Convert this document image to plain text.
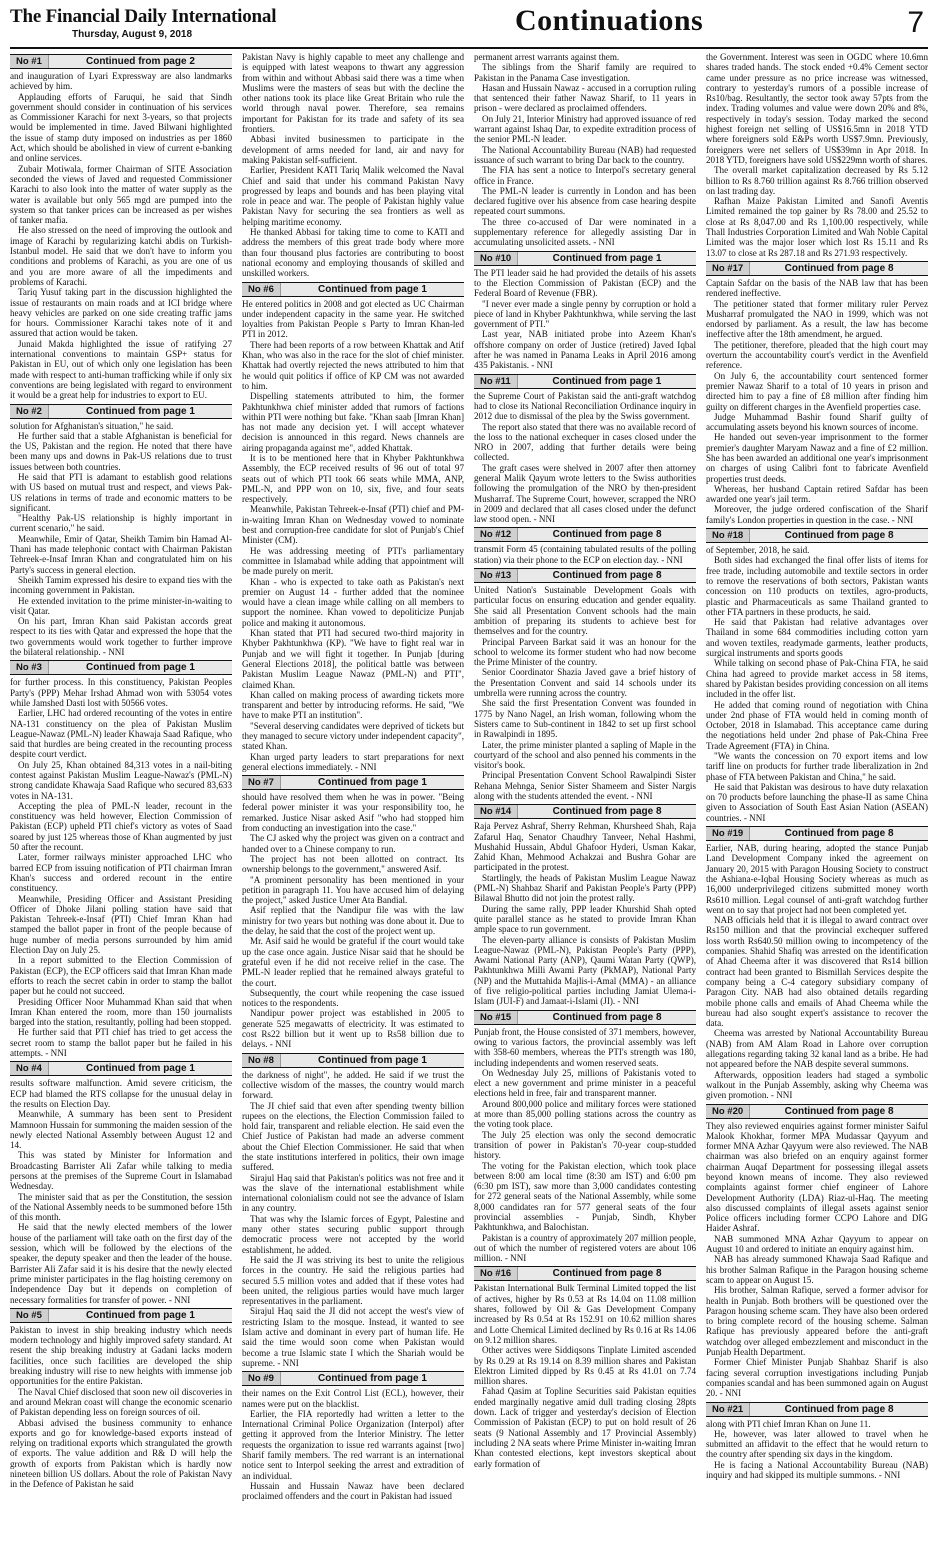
The Financial Daily International
Thursday, August 9, 2018	Continuations	7
No #1	Continued from page 2

and inauguration of Lyari Expressway are also landmarks achieved by him.

Applauding efforts of Faruqui, he said that Sindh government should consider in continuation of his services as Commissioner Karachi for next 3-years, so that projects would be implemented in time. Javed Bilwani highlighted the issue of stamp duty imposed on industries as per 1860 Act, which should be abolished in view of current e-banking and online services.

Zubair Motiwala, former Chairman of SITE Association seconded the views of Javed and requested Commissioner Karachi to also look into the matter of water supply as the water is available but only 565 mgd are pumped into the system so that tanker prices can be increased as per wishes of tanker mafia.

He also stressed on the need of improving the outlook and image of Karachi by regularizing katchi abdis on Turkish-Istanbul model. He said that we don't have to inform you conditions and problems of Karachi, as you are one of us and you are more aware of all the impediments and problems of Karachi.

Tariq Yusuf taking part in the discussion highlighted the issue of restaurants on main roads and at ICI bridge where heavy vehicles are parked on one side creating traffic jams for hours. Commissioner Karachi takes note of it and assured that action would be taken.

Junaid Makda highlighted the issue of ratifying 27 international conventions to maintain GSP+ status for Pakistan in EU, out of which only one legislation has been made with respect to anti-human trafficking while if only six conventions are being legislated with regard to environment it would be a great help for industries to export to EU.

No #2	Continued from page 1

solution for Afghanistan's situation," he said.

He further said that a stable Afghanistan is beneficial for the US, Pakistan and the region. He noted that there have been many ups and downs in Pak-US relations due to trust issues between both countries.

He said that PTI is adamant to establish good relations with US based on mutual trust and respect, and views Pak-US relations in terms of trade and economic matters to be significant.

"Healthy Pak-US relationship is highly important in current scenario," he said.

Meanwhile, Emir of Qatar, Sheikh Tamim bin Hamad Al-Thani has made telephonic contact with Chairman Pakistan Tehreek-e-Insaf Imran Khan and congratulated him on his Party's success in general election.

Sheikh Tamim expressed his desire to expand ties with the incoming government in Pakistan.

He extended invitation to the prime minister-in-waiting to visit Qatar.

On his part, Imran Khan said Pakistan accords great respect to its ties with Qatar and expressed the hope that the two governments would work together to further improve the bilateral relationship. - NNI

No #3	Continued from page 1

for further process. In this constituency, Pakistan Peoples Party's (PPP) Mehar Irshad Ahmad won with 53054 votes while Jamshed Dasti lost with 50566 votes.

Earlier, LHC had ordered recounting of the votes in entire NA-131 constituency on the plea of Pakistan Muslim League-Nawaz (PML-N) leader Khawaja Saad Rafique, who said that hurdles are being created in the recounting process despite court verdict.

On July 25, Khan obtained 84,313 votes in a nail-biting contest against Pakistan Muslim League-Nawaz's (PML-N) strong candidate Khawaja Saad Rafique who secured 83,633 votes in NA-131.

Accepting the plea of PML-N leader, recount in the constituency was held however, Election Commission of Pakistan (ECP) upheld PTI chief's victory as votes of Saad soared by just 125 whereas those of Khan augmented by just 50 after the recount.

Later, former railways minister approached LHC who barred ECP from issuing notification of PTI chairman Imran Khan's success and ordered recount in the entire constituency.

Meanwhile, Presiding Officer and Assistant Presiding Officer of Dhoke Jilani polling station have said that Pakistan Tehreek-e-Insaf (PTI) Chief Imran Khan had stamped the ballot paper in front of the people because of huge number of media persons surrounded by him amid Election Day on July 25.

In a report submitted to the Election Commission of Pakistan (ECP), the ECP officers said that Imran Khan made efforts to reach the secret cabin in order to stamp the ballot paper but he could not succeed.

Presiding Officer Noor Muhammad Khan said that when Imran Khan entered the room, more than 150 journalists barged into the station, resultantly, polling had been stopped.

He further said that PTI chief has tried to get access the secret room to stamp the ballot paper but he failed in his attempts. - NNI

No #4	Continued from page 1

results software malfunction. Amid severe criticism, the ECP had blamed the RTS collapse for the unusual delay in the results on Election Day.

Meanwhile, A summary has been sent to President Mamnoon Hussain for summoning the maiden session of the newly elected National Assembly between August 12 and 14.

This was stated by Minister for Information and Broadcasting Barrister Ali Zafar while talking to media persons at the premises of the Supreme Court in Islamabad Wednesday.

The minister said that as per the Constitution, the session of the National Assembly needs to be summoned before 15th of this month.

He said that the newly elected members of the lower house of the parliament will take oath on the first day of the session, which will be followed by the elections of the speaker, the deputy speaker and then the leader of the house. Barrister Ali Zafar said it is his desire that the newly elected prime minister participates in the flag hoisting ceremony on Independence Day but it depends on completion of necessary formalities for transfer of power. - NNI

No #5	Continued from page 1

Pakistan to invest in ship breaking industry which needs modern technology and highly improved safety standard. At resent the ship breaking industry at Gadani lacks modern facilities, once such facilities are developed the ship breaking industry will rise to new heights with immense job opportunities for the entire Pakistan.

The Naval Chief disclosed that soon new oil discoveries in and around Mekran coast will change the economic scenario of Pakistan depending less on foreign sources of oil.

Abbasi advised the business community to enhance exports and go for knowledge-based exports instead of relying on traditional exports which strangulated the growth of exports. The value addition and R& D will help the growth of exports from Pakistan which is hardly now nineteen billion US dollars. About the role of Pakistan Navy in the Defence of Pakistan he said

Pakistan Navy is highly capable to meet any challenge and is equipped with latest weapons to thwart any aggression from within and without Abbasi said there was a time when Muslims were the masters of seas but with the decline the other nations took its place like Great Britain who rule the world through naval power. Therefore, sea remains important for Pakistan for its trade and safety of its sea frontiers.

Abbasi invited businessmen to participate in the development of arms needed for land, air and navy for making Pakistan self-sufficient.

Earlier, President KATI Tariq Malik welcomed the Naval Chief and said that under his command Pakistan Navy progressed by leaps and bounds and has been playing vital role in peace and war. The people of Pakistan highly value Pakistan Navy for securing the sea frontiers as well as helping maritime economy.

He thanked Abbasi for taking time to come to KATI and address the members of this great trade body where more than four thousand plus factories are contributing to boost national economy and employing thousands of skilled and unskilled workers.

No #6	Continued from page 1

He entered politics in 2008 and got elected as UC Chairman under independent capacity in the same year. He switched loyalties from Pakistan People s Party to Imran Khan-led PTI in 2012.

There had been reports of a row between Khattak and Atif Khan, who was also in the race for the slot of chief minister. Khattak had overtly rejected the news attributed to him that he would quit politics if office of KP CM was not awarded to him.

Dispelling statements attributed to him, the former Pakhtunkhwa chief minister added that rumors of factions within PTI were nothing but fake. "Khan saab [Imran Khan] has not made any decision yet. I will accept whatever decision is announced in this regard. News channels are airing propaganda against me", added Khattak.

It is to be mentioned here that in Khyber Pakhtunkhwa Assembly, the ECP received results of 96 out of total 97 seats out of which PTI took 66 seats while MMA, ANP, PML-N, and PPP won on 10, six, five, and four seats respectively.

Meanwhile, Pakistan Tehreek-e-Insaf (PTI) chief and PM-in-waiting Imran Khan on Wednesday vowed to nominate best and corruption-free candidate for slot of Punjab's Chief Minister (CM).

He was addressing meeting of PTI's parliamentary committee in Islamabad while adding that appointment will be made purely on merit.

Khan - who is expected to take oath as Pakistan's next premier on August 14 - further added that the nominee would have a clean image while calling on all members to support the nominee. Khan vowed to depoliticize Punjab police and making it autonomous.

Khan stated that PTI had secured two-third majority in Khyber Pakhtunkhwa (KP). "We have to fight real war in Punjab and we will fight it together. In Punjab [during General Elections 2018], the political battle was between Pakistan Muslim League Nawaz (PML-N) and PTI", claimed Khan.

Khan called on making process of awarding tickets more transparent and better by introducing reforms. He said, "We have to make PTI an institution".

"Several deserving candidates were deprived of tickets but they managed to secure victory under independent capacity", stated Khan.

Khan urged party leaders to start preparations for next general elections immediately. - NNI

No #7	Continued from page 1

should have resolved them when he was in power. "Being federal power minister it was your responsibility too, he remarked. Justice Nisar asked Asif "who had stopped him from conducting an investigation into the case."

The CJ asked why the project was given on a contract and handed over to a Chinese company to run.

The project has not been allotted on contract. Its ownership belongs to the government," answered Asif.

"A prominent personality has been mentioned in your petition in paragraph 11. You have accused him of delaying the project," asked Justice Umer Ata Bandial.

Asif replied that the Nandipur file was with the law ministry for two years but nothing was done about it. Due to the delay, he said that the cost of the project went up.

Mr. Asif said he would be grateful if the court would take up the case once again. Justice Nisar said that he should be grateful even if he did not receive relief in the case. The PML-N leader replied that he remained always grateful to the court.

Subsequently, the court while reopening the case issued notices to the respondents.

Nandipur power project was established in 2005 to generate 525 megawatts of electricity. It was estimated to cost Rs22 billion but it went up to Rs58 billion due to delays. - NNI

No #8	Continued from page 1

the darkness of night", he added. He said if we trust the collective wisdom of the masses, the country would march forward.

The JI chief said that even after spending twenty billion rupees on the elections, the Election Commission failed to hold fair, transparent and reliable election. He said even the Chief Justice of Pakistan had made an adverse comment about the Chief Election Commissioner. He said that when the state institutions interfered in politics, their own image suffered.

Sirajul Haq said that Pakistan's politics was not free and it was the slave of the international establishment while international colonialism could not see the advance of Islam in any country.

That was why the Islamic forces of Egypt, Palestine and many other states securing public support through democratic process were not accepted by the world establishment, he added.

He said the JI was striving its best to unite the religious forces in the country. He said the religious parties had secured 5.5 million votes and added that if these votes had been united, the religious parties would have much larger representatives in the parliament.

Sirajul Haq said the JI did not accept the west's view of restricting Islam to the mosque. Instead, it wanted to see Islam active and dominant in every part of human life. He said the time would soon come when Pakistan would become a true Islamic state I which the Shariah would be supreme. - NNI

No #9	Continued from page 1

their names on the Exit Control List (ECL), however, their names were put on the blacklist.

Earlier, the FIA reportedly had written a letter to the International Criminal Police Organization (Interpol) after getting it approved from the Interior Ministry. The letter requests the organization to issue red warrants against [two] Sharif family members. The red warrant is an international notice sent to Interpol seeking the arrest and extradition of an individual.

Hussain and Hussain Nawaz have been declared proclaimed offenders and the court in Pakistan had issued

permanent arrest warrants against them.

The siblings from the Sharif family are required to Pakistan in the Panama Case investigation.

Hasan and Hussain Nawaz - accused in a corruption ruling that sentenced their father Nawaz Sharif, to 11 years in prison - were declared as proclaimed offenders.

On July 21, Interior Ministry had approved issuance of red warrant against Ishaq Dar, to expedite extradition process of the senior PML-N leader.

The National Accountability Bureau (NAB) had requested issuance of such warrant to bring Dar back to the country.

The FIA has sent a notice to Interpol's secretary general office in France.

The PML-N leader is currently in London and has been declared fugitive over his absence from case hearing despite repeated court summons.

The three co-accused of Dar were nominated in a supplementary reference for allegedly assisting Dar in accumulating unsolicited assets. - NNI

No #10	Continued from page 1

The PTI leader said he had provided the details of his assets to the Election Commission of Pakistan (ECP) and the Federal Board of Revenue (FBR).

"I never ever made a single penny by corruption or hold a piece of land in Khyber Pakhtunkhwa, while serving the last government of PTI."

Last year, NAB initiated probe into Azeem Khan's offshore company on order of Justice (retired) Javed Iqbal after he was named in Panama Leaks in April 2016 among 435 Pakistanis. - NNI

No #11	Continued from page 1

the Supreme Court of Pakistan said the anti-graft watchdog had to close its National Reconciliation Ordinance inquiry in 2012 due to dismissal of the plea by the Swiss government.

The report also stated that there was no available record of the loss to the national exchequer in cases closed under the NRO in 2007, adding that further details were being collected.

The graft cases were shelved in 2007 after then attorney general Malik Qayum wrote letters to the Swiss authorities following the promulgation of the NRO by then-president Musharraf. The Supreme Court, however, scrapped the NRO in 2009 and declared that all cases closed under the defunct law stood open. - NNI

No #12	Continued from page 8

transmit Form 45 (containing tabulated results of the polling station) via their phone to the ECP on election day. - NNI

No #13	Continued from page 8

United Nation's Sustainable Development Goals with particular focus on ensuring education and gender equality. She said all Presentation Convent schools had the main ambition of preparing its students to achieve best for themselves and for the country.

Principal Parveen Barkat said it was an honour for the school to welcome its former student who had now become the Prime Minister of the country.

Senior Coordinator Shazia Javed gave a brief history of the Presentation Convent and said 14 schools under its umbrella were running across the country.

She said the first Presentation Convent was founded in 1775 by Nano Nagel, an Irish woman, following whom the Sisters came to Sub-continent in 1842 to set up first school in Rawalpindi in 1895.

Later, the prime minister planted a sapling of Maple in the courtyard of the school and also penned his comments in the visitor's book.

Principal Presentation Convent School Rawalpindi Sister Rehana Mehnga, Senior Sister Shameem and Sister Nargis along with the students attended the event. - NNI

No #14	Continued from page 8

Raja Pervez Ashraf, Sherry Rehman, Khursheed Shah, Raja Zafarul Haq, Senator Chaudhry Tanveer, Nehal Hashmi, Mushahid Hussain, Abdul Ghafoor Hyderi, Usman Kakar, Zahid Khan, Mehmood Achakzai and Bushra Gohar are participated in the protest.

Startlingly, the heads of Pakistan Muslim League Nawaz (PML-N) Shahbaz Sharif and Pakistan People's Party (PPP) Bilawal Bhutto did not join the protest rally.

During the same rally, PPP leader Khurshid Shah opted quite parallel stance as he stated to provide Imran Khan ample space to run government.

The eleven-party alliance is consists of Pakistan Muslim League-Nawaz (PML-N), Pakistan People's Party (PPP), Awami National Party (ANP), Qaumi Watan Party (QWP), Pakhtunkhwa Milli Awami Party (PkMAP), National Party (NP) and the Muttahida Majlis-i-Amal (MMA) - an alliance of five religio-political parties including Jamiat Ulema-i-Islam (JUI-F) and Jamaat-i-Islami (JI). - NNI

No #15	Continued from page 8

Punjab front, the House consisted of 371 members, however, owing to various factors, the provincial assembly was left with 358-60 members, whereas the PTI's strength was 180, including independents and women reserved seats.

On Wednesday July 25, millions of Pakistanis voted to elect a new government and prime minister in a peaceful elections held in free, fair and transparent manner.

Around 800,000 police and military forces were stationed at more than 85,000 polling stations across the country as the voting took place.

The July 25 election was only the second democratic transition of power in Pakistan's 70-year coup-studded history.

The voting for the Pakistan election, which took place between 8:00 am local time (8:30 am IST) and 6:00 pm (6:30 pm IST), saw more than 3,000 candidates contesting for 272 general seats of the National Assembly, while some 8,000 candidates ran for 577 general seats of the four provincial assemblies - Punjab, Sindh, Khyber Pakhtunkhwa, and Balochistan.

Pakistan is a country of approximately 207 million people, out of which the number of registered voters are about 106 million. - NNI

No #16	Continued from page 8

Pakistan International Bulk Terminal Limited topped the list of actives, higher by Rs 0.53 at Rs 14.04 on 11.08 million shares, followed by Oil & Gas Development Company increased by Rs 0.54 at Rs 152.91 on 10.62 million shares and Lotte Chemical Limited declined by Rs 0.16 at Rs 14.06 on 9.12 million shares.

Other actives were Siddiqsons Tinplate Limited ascended by Rs 0.29 at Rs 19.14 on 8.39 million shares and Pakistan Elektron Limited dipped by Rs 0.45 at Rs 41.01 on 7.74 million shares.

Fahad Qasim at Topline Securities said Pakistan equities ended marginally negative amid dull trading closing 28pts down. Lack of trigger and yesterday's decision of Election Commission of Pakistan (ECP) to put on hold result of 26 seats (9 National Assembly and 17 Provincial Assembly) including 2 NA seats where Prime Minister in-waiting Imran Khan contested elections, kept investors skeptical about early formation of

the Government. Interest was seen in OGDC where 10.6mn shares traded hands. The stock ended +0.4% Cement sector came under pressure as no price increase was witnessed, contrary to yesterday's rumors of a possible increase of Rs10/bag. Resultantly, the sector took away 57pts from the index. Trading volumes and value were down 20% and 8%, respectively in today's session. Today marked the second highest foreign net selling of US$16.5mn in 2018 YTD where foreigners sold E&Ps worth US$7.9mn. Previously, foreigners were net sellers of US$39mn in Apr 2018. In 2018 YTD, foreigners have sold US$229mn worth of shares.

The overall market capitalization decreased by Rs 5.12 billion to Rs 8.760 trillion against Rs 8.766 trillion observed on last trading day.

Rafhan Maize Pakistan Limited and Sanofi Aventis Limited remained the top gainer by Rs 78.00 and 25.52 to close at Rs 8,047.00 and Rs 1,100.00 respectively, while Thall Industries Corporation Limited and Wah Noble Capital Limited was the major loser which lost Rs 15.11 and Rs 13.07 to close at Rs 287.18 and Rs 271.93 respectively.

No #17	Continued from page 8

Captain Safdar on the basis of the NAB law that has been rendered ineffective.

The petitioner stated that former military ruler Pervez Musharraf promulgated the NAO in 1999, which was not endorsed by parliament. As a result, the law has become ineffective after the 18th amendment, he argued.

The petitioner, therefore, pleaded that the high court may overturn the accountability court's verdict in the Avenfield reference.

On July 6, the accountability court sentenced former premier Nawaz Sharif to a total of 10 years in prison and directed him to pay a fine of £8 million after finding him guilty on different charges in the Avenfield properties case.

Judge Muhammad Bashir found Sharif guilty of accumulating assets beyond his known sources of income.

He handed out seven-year imprisonment to the former premier's daughter Maryam Nawaz and a fine of £2 million. She has been awarded an additional one year's imprisonment on charges of using Calibri font to fabricate Avenfield properties trust deeds.

Whereas, her husband Captain retired Safdar has been awarded one year's jail term.

Moreover, the judge ordered confiscation of the Sharif family's London properties in question in the case. - NNI

No #18	Continued from page 8

of September, 2018, he said.

Both sides had exchanged the final offer lists of items for free trade, including automobile and textile sectors in order to remove the reservations of both sectors, Pakistan wants concession on 110 products on textiles, agro-products, plastic and Pharmaceuticals as same Thailand granted to other FTA partners in these products, he said.

He said that Pakistan had relative advantages over Thailand in some 684 commodities including cotton yarn and woven textiles, readymade garments, leather products, surgical instruments and sports goods

While talking on second phase of Pak-China FTA, he said China had agreed to provide market access in 58 items, shared by Pakistan besides providing concession on all items included in the offer list.

He added that coming round of negotiation with China under 2nd phase of FTA would held in coming month of October, 2018 in Islamabad. This acceptance came during the negotiations held under 2nd phase of Pak-China Free Trade Agreement (FTA) in China.

"We wants the concession on 70 export items and low tariff line on products for further trade liberalization in 2nd phase of FTA between Pakistan and China," he said.

He said that Pakistan was desirous to have duty relaxation on 70 products before launching the phase-II as same China given to Association of South East Asian Nation (ASEAN) countries. - NNI

No #19	Continued from page 8

Earlier, NAB, during hearing, adopted the stance Punjab Land Development Company inked the agreement on January 20, 2015 with Paragon Housing Society to construct the Ashiana-e-Iqbal Housing Society whereas as much as 16,000 underprivileged citizens submitted money worth Rs610 million. Legal counsel of anti-graft watchdog further went on to say that project had not been completed yet.

NAB officials held that it is illegal to award contract over Rs150 million and that the provincial exchequer suffered loss worth Rs640.50 million owing to incompetency of the companies. Shahid Shafiq was arrested on the identification of Ahad Cheema after it was discovered that Rs14 billion contract had been granted to Bismillah Services despite the company being a C-4 category subsidiary company of Paragon City. NAB had also obtained details regarding mobile phone calls and emails of Ahad Cheema while the bureau had also sought expert's assistance to recover the data.

Cheema was arrested by National Accountability Bureau (NAB) from AM Alam Road in Lahore over corruption allegations regarding taking 32 kanal land as a bribe. He had not appeared before the NAB despite several summons.

Afterwards, opposition leaders had staged a symbolic walkout in the Punjab Assembly, asking why Cheema was given promotion. - NNI

No #20	Continued from page 8

They also reviewed enquiries against former minister Saiful Malook Khokhar, former MPA Mudassar Qayyum and former MNA Azhar Qayyum were also reviewed. The NAB chairman was also briefed on an enquiry against former chairman Auqaf Department for possessing illegal assets beyond known means of income. They also reviewed complaints against former chief engineer of Lahore Development Authority (LDA) Riaz-ul-Haq. The meeting also discussed complaints of illegal assets against senior Police officers including former CCPO Lahore and DIG Haider Ashraf.

NAB summoned MNA Azhar Qayyum to appear on August 10 and ordered to initiate an enquiry against him.

NAB has already summoned Khawaja Saad Rafique and his brother Salman Rafique in the Paragon housing scheme scam to appear on August 15.

His brother, Salman Rafique, served a former advisor for health in Punjab. Both brothers will be questioned over the Paragon housing scheme scam. They have also been ordered to bring complete record of the housing scheme. Salman Rafique has previously appeared before the anti-graft watchdog over alleged embezzlement and misconduct in the Punjab Health Department.

Former Chief Minister Punjab Shahbaz Sharif is also facing several corruption investigations including Punjab companies scandal and has been summoned again on August 20. - NNI

No #21	Continued from page 8

along with PTI chief Imran Khan on June 11.

He, however, was later allowed to travel when he submitted an affidavit to the effect that he would return to the country after spending six days in the kingdom.

He is facing a National Accountability Bureau (NAB) inquiry and had skipped its multiple summons. - NNI
